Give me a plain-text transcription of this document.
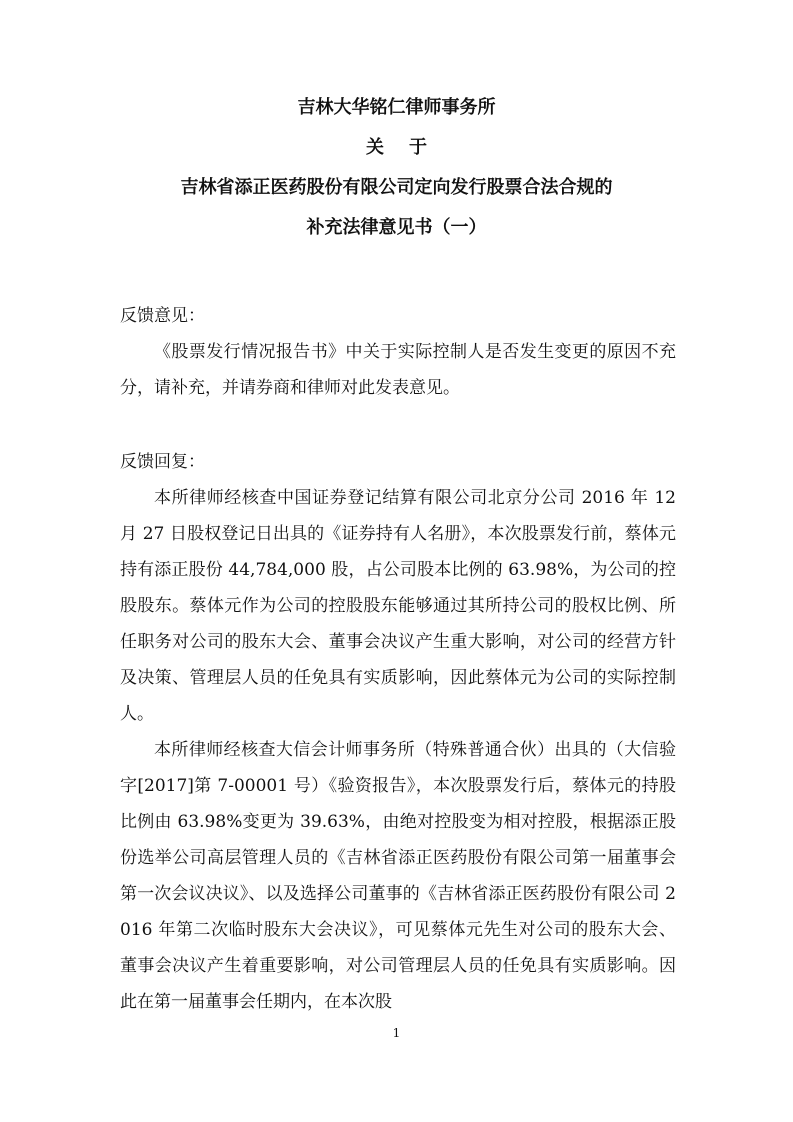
吉林大华铭仁律师事务所
关    于
吉林省添正医药股份有限公司定向发行股票合法合规的
补充法律意见书（一）
反馈意见：

《股票发行情况报告书》中关于实际控制人是否发生变更的原因不充分，请补充，并请券商和律师对此发表意见。

反馈回复：

本所律师经核查中国证券登记结算有限公司北京分公司 2016 年 12 月 27 日股权登记日出具的《证券持有人名册》，本次股票发行前，蔡体元持有添正股份 44,784,000 股，占公司股本比例的 63.98%，为公司的控股股东。蔡体元作为公司的控股股东能够通过其所持公司的股权比例、所任职务对公司的股东大会、董事会决议产生重大影响，对公司的经营方针及决策、管理层人员的任免具有实质影响，因此蔡体元为公司的实际控制人。

本所律师经核查大信会计师事务所（特殊普通合伙）出具的（大信验字[2017]第 7-00001 号）《验资报告》，本次股票发行后，蔡体元的持股比例由 63.98%变更为 39.63%，由绝对控股变为相对控股，根据添正股份选举公司高层管理人员的《吉林省添正医药股份有限公司第一届董事会第一次会议决议》、以及选择公司董事的《吉林省添正医药股份有限公司 2016 年第二次临时股东大会决议》，可见蔡体元先生对公司的股东大会、董事会决议产生着重要影响，对公司管理层人员的任免具有实质影响。因此在第一届董事会任期内，在本次股

1
